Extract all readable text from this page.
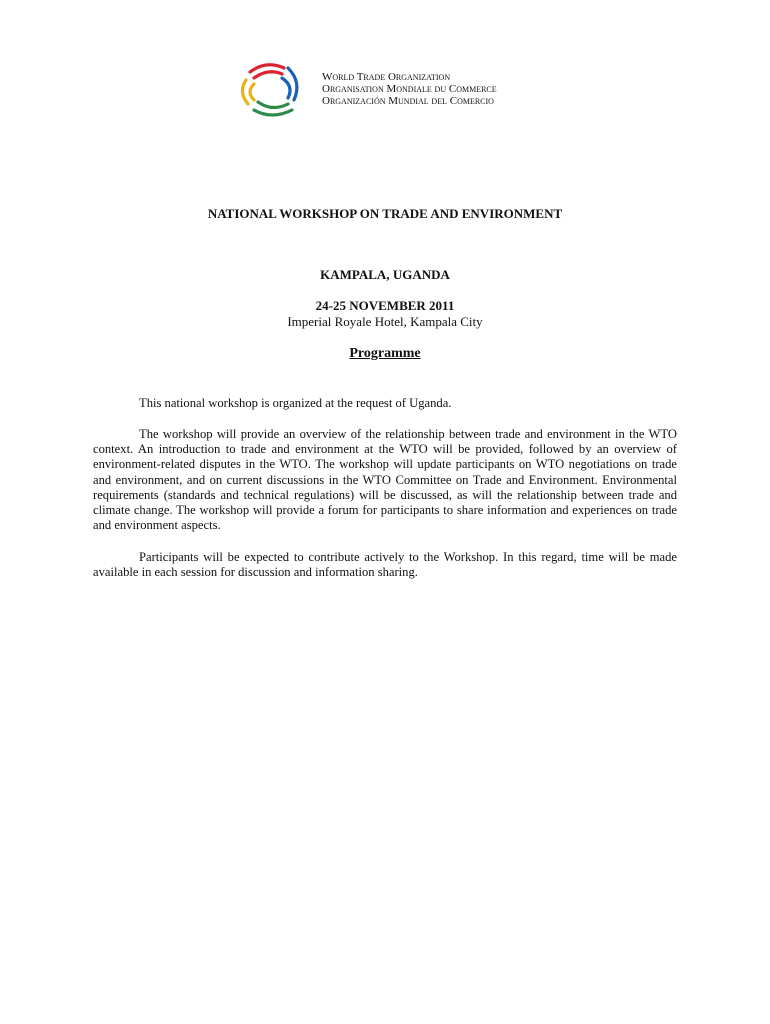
World Trade Organization
Organisation Mondiale du Commerce
Organización Mundial del Comercio
NATIONAL WORKSHOP ON TRADE AND ENVIRONMENT
KAMPALA, UGANDA
24-25 NOVEMBER 2011
Imperial Royale Hotel, Kampala City
Programme
This national workshop is organized at the request of Uganda.
The workshop will provide an overview of the relationship between trade and environment in the WTO context. An introduction to trade and environment at the WTO will be provided, followed by an overview of environment-related disputes in the WTO. The workshop will update participants on WTO negotiations on trade and environment, and on current discussions in the WTO Committee on Trade and Environment. Environmental requirements (standards and technical regulations) will be discussed, as will the relationship between trade and climate change. The workshop will provide a forum for participants to share information and experiences on trade and environment aspects.
Participants will be expected to contribute actively to the Workshop. In this regard, time will be made available in each session for discussion and information sharing.
